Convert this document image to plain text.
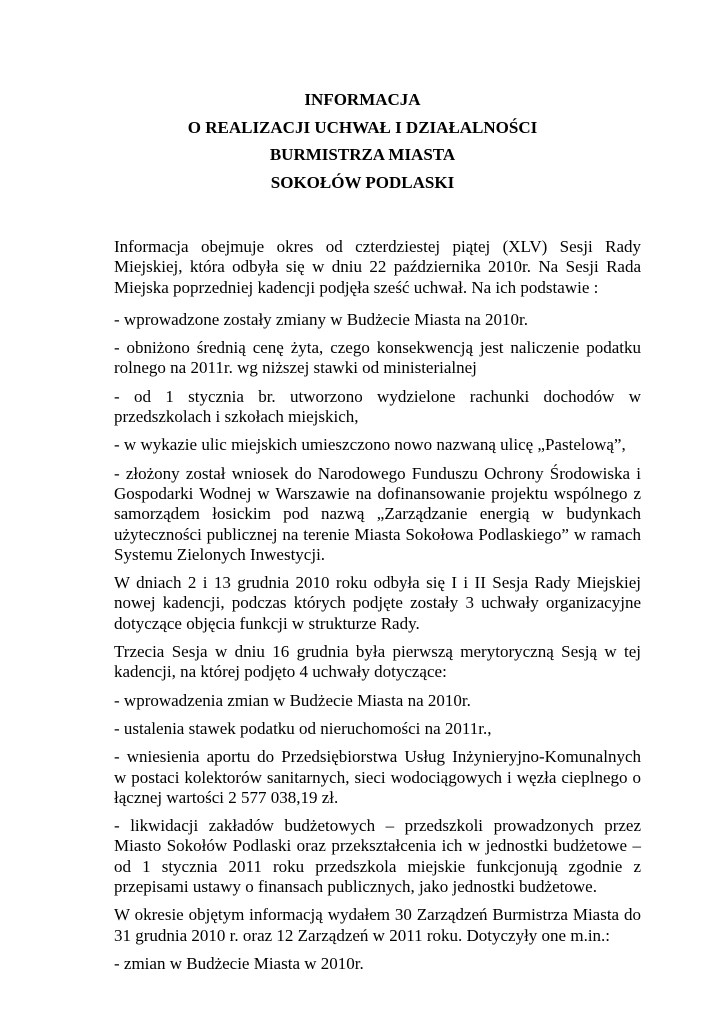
INFORMACJA
O REALIZACJI UCHWAŁ I DZIAŁALNOŚCI
BURMISTRZA MIASTA
SOKOŁÓW PODLASKI
Informacja obejmuje okres od czterdziestej piątej (XLV) Sesji Rady
Miejskiej, która odbyła się w dniu 22 października 2010r. Na Sesji Rada
Miejska poprzedniej kadencji podjęła sześć uchwał. Na ich podstawie :
- wprowadzone zostały zmiany w Budżecie Miasta na 2010r.
- obniżono średnią cenę żyta, czego konsekwencją jest naliczenie podatku
rolnego na 2011r. wg niższej stawki od ministerialnej
- od 1 stycznia br. utworzono wydzielone rachunki dochodów w
przedszkolach i szkołach miejskich,
- w wykazie ulic miejskich umieszczono nowo nazwaną ulicę „Pastelową”,
- złożony został wniosek do Narodowego Funduszu Ochrony Środowiska i
Gospodarki Wodnej w Warszawie na dofinansowanie projektu wspólnego z
samorządem łosickim pod nazwą „Zarządzanie energią w budynkach
użyteczności publicznej na terenie Miasta Sokołowa Podlaskiego” w ramach
Systemu Zielonych Inwestycji.
W dniach 2 i 13 grudnia 2010 roku odbyła się I i II Sesja Rady Miejskiej
nowej kadencji, podczas których podjęte zostały 3 uchwały organizacyjne
dotyczące objęcia funkcji w strukturze Rady.
Trzecia Sesja w dniu 16 grudnia była pierwszą merytoryczną Sesją w tej
kadencji, na której podjęto 4 uchwały dotyczące:
- wprowadzenia zmian w Budżecie Miasta na 2010r.
- ustalenia stawek podatku od nieruchomości na 2011r.,
- wniesienia aportu do Przedsiębiorstwa Usług Inżynieryjno-Komunalnych
w postaci kolektorów sanitarnych, sieci wodociągowych i węzła cieplnego o
łącznej wartości 2 577 038,19 zł.
- likwidacji zakładów budżetowych – przedszkoli prowadzonych przez
Miasto Sokołów Podlaski oraz przekształcenia ich w jednostki budżetowe –
od 1 stycznia 2011 roku przedszkola miejskie funkcjonują zgodnie z
przepisami ustawy o finansach publicznych, jako jednostki budżetowe.
W okresie objętym informacją wydałem 30 Zarządzeń Burmistrza Miasta do
31 grudnia 2010 r. oraz 12 Zarządzeń w 2011 roku. Dotyczyły one m.in.:
- zmian w Budżecie Miasta w 2010r.
